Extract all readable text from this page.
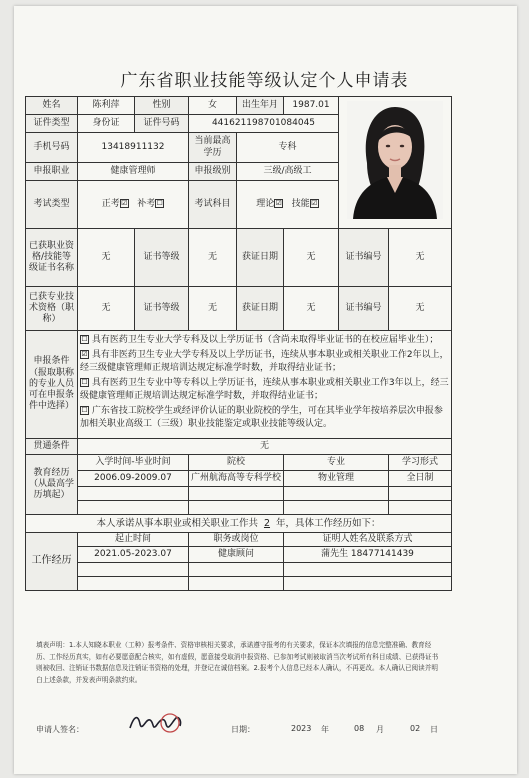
广东省职业技能等级认定个人申请表
姓名	陈利萍	性别	女	出生年月	1987.01	
证件类型	身份证	证件号码	441621198701084045				
手机号码	13418911132		当前最高学历	专科			
申报职业	健康管理师		申报级别	三级/高级工			
考试类型	正考☑ 补考☐		考试科目	理论☑ 技能☑			
已获职业资格/技能等级证书名称	无	证书等级	无	获证日期	无	证书编号	无
已获专业技术资格（职称）	无	证书等级	无	获证日期	无	证书编号	无
申报条件（报取职称的专业人员可在申报条件中选择）	☐ 具有医药卫生专业大学专科及以上学历证书（含尚未取得毕业证书的在校应届毕业生）；

☑ 具有非医药卫生专业大学专科及以上学历证书，连续从事本职业或相关职业工作2年以上，经三级健康管理师正规培训达规定标准学时数，并取得结业证书；

☐ 具有医药卫生专业中等专科以上学历证书，连续从事本职业或相关职业工作3年以上，经三级健康管理师正规培训达规定标准学时数，并取得结业证书；

☐ 广东省技工院校学生或经评价认证的职业院校的学生，可在其毕业学年按培养层次申报参加相关职业高级工（三级）职业技能鉴定或职业技能等级认定。						

贯通条件	无						
教育经历（从最高学历填起）	入学时间-毕业时间		院校		专业		学习形式
	2006.09-2009.07		广州航海高等专科学校		物业管理		全日制

本人承诺从事本职业或相关职业工作共 2 年，具体工作经历如下：							
工作经历	起止时间		职务或岗位		证明人姓名及联系方式		
	2021.05-2023.07		健康顾问		蒲先生 18477141439		

填表声明：1.本人知晓本职业（工种）报考条件、资格审核相关要求，承诺遵守报考的有关要求，保证本次填报的信息完整准确、教育经历、工作经历真实，如有必要愿意配合核实，如有虚假，愿意接受取消申报资格、已参加考试则被取消当次考试所有科目成绩、已获得证书则被收回、注销证书数据信息及注销证书资格的处理，并登记在诚信档案。2.报考个人信息已经本人确认，不再更改。本人确认已阅读并明白上述条款，并发表声明条款约束。
申请人签名：	日期：	2023 年	08 月	02 日
